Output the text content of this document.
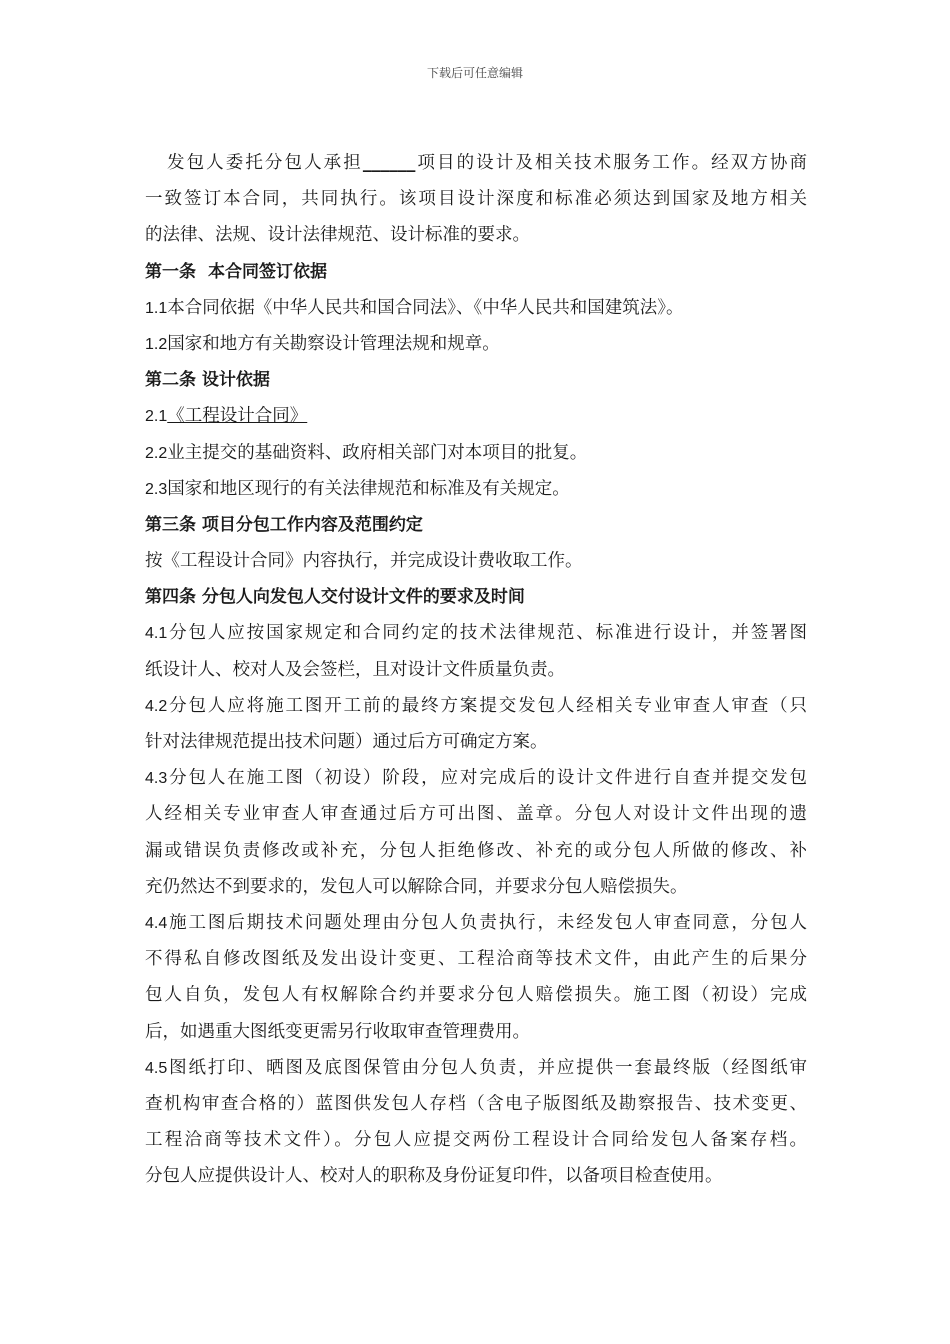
下载后可任意编辑
发包人委托分包人承担______项目的设计及相关技术服务工作。经双方协商
一致签订本合同，共同执行。该项目设计深度和标准必须达到国家及地方相关
的法律、法规、设计法律规范、设计标准的要求。
第一条 本合同签订依据
1.1本合同依据《中华人民共和国合同法》、《中华人民共和国建筑法》。
1.2国家和地方有关勘察设计管理法规和规章。
第二条 设计依据
2.1《工程设计合同》
2.2业主提交的基础资料、政府相关部门对本项目的批复。
2.3国家和地区现行的有关法律规范和标准及有关规定。
第三条 项目分包工作内容及范围约定
按《工程设计合同》内容执行，并完成设计费收取工作。
第四条 分包人向发包人交付设计文件的要求及时间
4.1分包人应按国家规定和合同约定的技术法律规范、标准进行设计，并签署图
纸设计人、校对人及会签栏，且对设计文件质量负责。
4.2分包人应将施工图开工前的最终方案提交发包人经相关专业审查人审查（只
针对法律规范提出技术问题）通过后方可确定方案。
4.3分包人在施工图（初设）阶段，应对完成后的设计文件进行自查并提交发包
人经相关专业审查人审查通过后方可出图、盖章。分包人对设计文件出现的遗
漏或错误负责修改或补充，分包人拒绝修改、补充的或分包人所做的修改、补
充仍然达不到要求的，发包人可以解除合同，并要求分包人赔偿损失。
4.4施工图后期技术问题处理由分包人负责执行，未经发包人审查同意，分包人
不得私自修改图纸及发出设计变更、工程洽商等技术文件，由此产生的后果分
包人自负，发包人有权解除合约并要求分包人赔偿损失。施工图（初设）完成
后，如遇重大图纸变更需另行收取审查管理费用。
4.5图纸打印、晒图及底图保管由分包人负责，并应提供一套最终版（经图纸审
查机构审查合格的）蓝图供发包人存档（含电子版图纸及勘察报告、技术变更、
工程洽商等技术文件）。分包人应提交两份工程设计合同给发包人备案存档。
分包人应提供设计人、校对人的职称及身份证复印件，以备项目检查使用。
